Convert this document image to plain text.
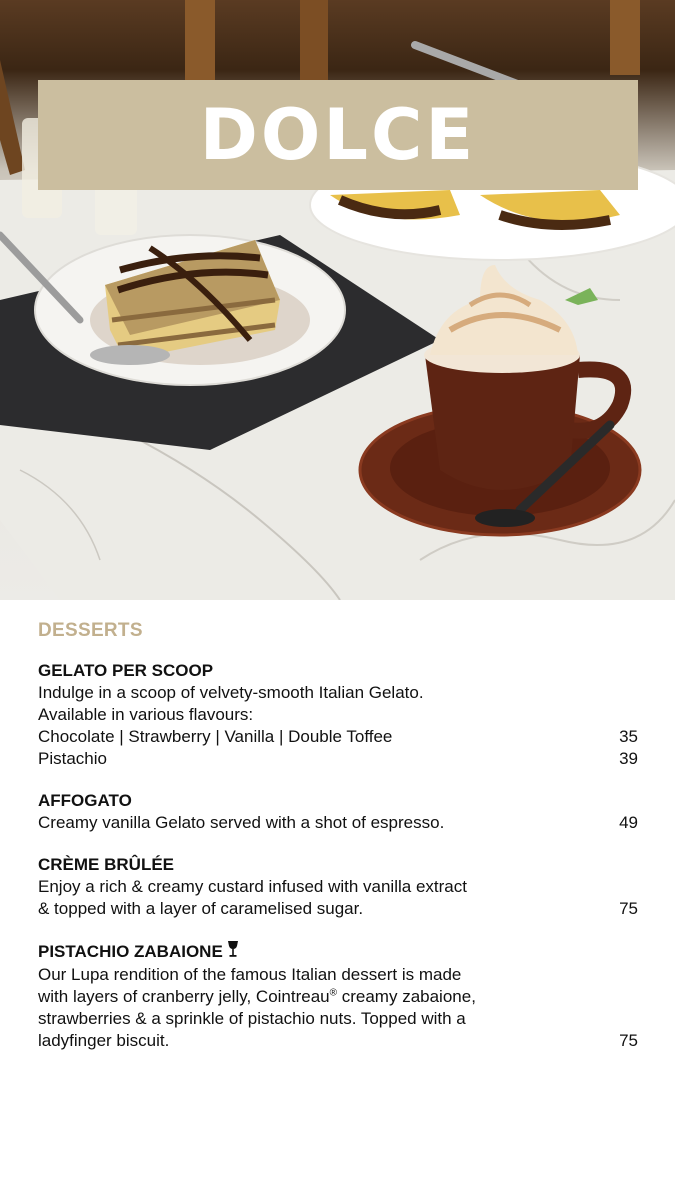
DOLCE
DESSERTS
GELATO PER SCOOP
Indulge in a scoop of velvety-smooth Italian Gelato.
Available in various flavours:
Chocolate | Strawberry | Vanilla | Double Toffee	35
Pistachio	39
AFFOGATO
Creamy vanilla Gelato served with a shot of espresso.	49
CRÈME BRÛLÉE
Enjoy a rich & creamy custard infused with vanilla extract
& topped with a layer of caramelised sugar.	75
PISTACHIO ZABAIONE
Our Lupa rendition of the famous Italian dessert is made
with layers of cranberry jelly, Cointreau® creamy zabaione,
strawberries & a sprinkle of pistachio nuts. Topped with a
ladyfinger biscuit.	75
